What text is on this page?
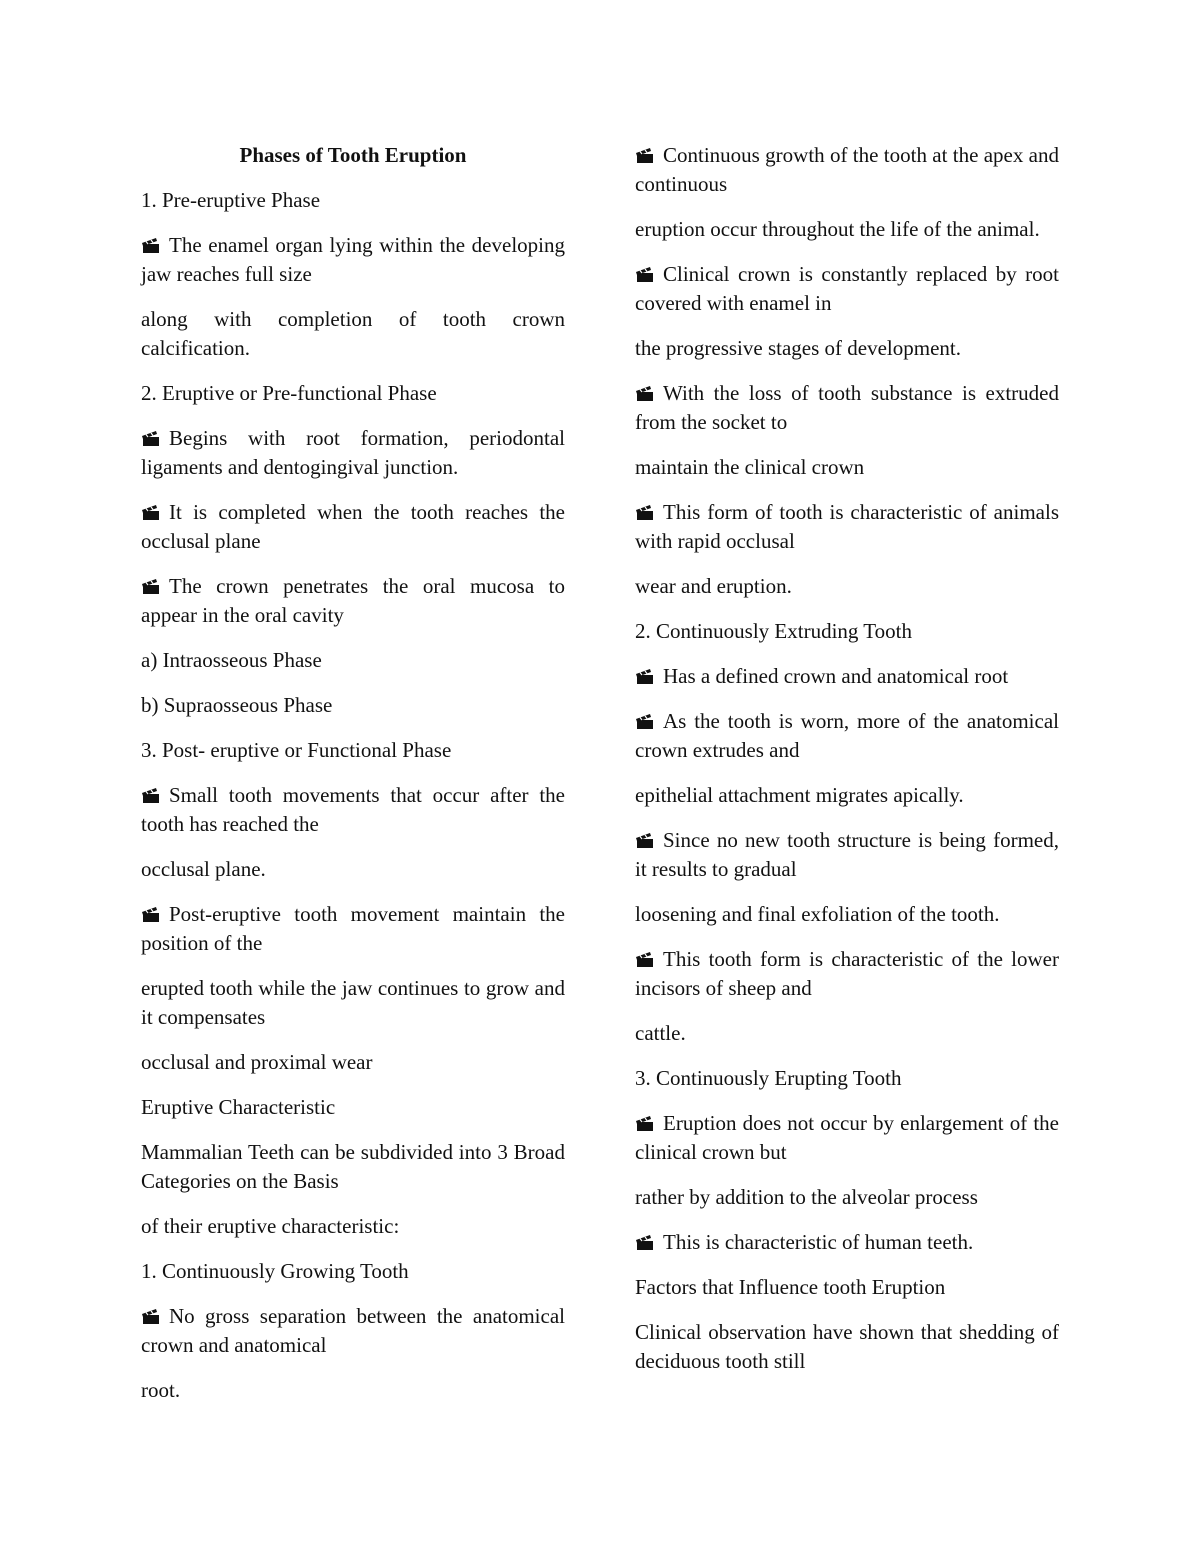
Phases of Tooth Eruption

1. Pre-eruptive Phase

The enamel organ lying within the developing jaw reaches full size

along with completion of tooth crown calcification.

2. Eruptive or Pre-functional Phase

Begins with root formation, periodontal ligaments and dentogingival junction.

It is completed when the tooth reaches the occlusal plane

The crown penetrates the oral mucosa to appear in the oral cavity

a) Intraosseous Phase

b) Supraosseous Phase

3. Post- eruptive or Functional Phase

Small tooth movements that occur after the tooth has reached the

occlusal plane.

Post-eruptive tooth movement maintain the position of the

erupted tooth while the jaw continues to grow and it compensates

occlusal and proximal wear

Eruptive Characteristic

Mammalian Teeth can be subdivided into 3 Broad Categories on the Basis

of their eruptive characteristic:

1. Continuously Growing Tooth

No gross separation between the anatomical crown and anatomical

root.

Continuous growth of the tooth at the apex and continuous

eruption occur throughout the life of the animal.

Clinical crown is constantly replaced by root covered with enamel in

the progressive stages of development.

With the loss of tooth substance is extruded from the socket to

maintain the clinical crown

This form of tooth is characteristic of animals with rapid occlusal

wear and eruption.

2. Continuously Extruding Tooth

Has a defined crown and anatomical root

As the tooth is worn, more of the anatomical crown extrudes and

epithelial attachment migrates apically.

Since no new tooth structure is being formed, it results to gradual

loosening and final exfoliation of the tooth.

This tooth form is characteristic of the lower incisors of sheep and

cattle.

3. Continuously Erupting Tooth

Eruption does not occur by enlargement of the clinical crown but

rather by addition to the alveolar process

This is characteristic of human teeth.

Factors that Influence tooth Eruption

Clinical observation have shown that shedding of deciduous tooth still
